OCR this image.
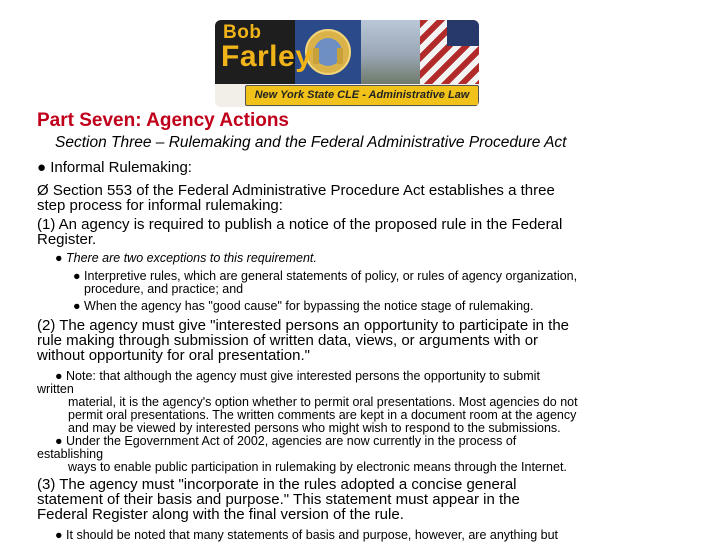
Bob
Farley
New York State CLE - Administrative Law
Part Seven: Agency Actions
Section Three – Rulemaking and the Federal Administrative Procedure Act
● Informal Rulemaking:
Ø Section 553 of the Federal Administrative Procedure Act establishes a three
step process for informal rulemaking:
(1) An agency is required to publish a notice of the proposed rule in the Federal
Register.
● There are two exceptions to this requirement.
● Interpretive rules, which are general statements of policy, or rules of agency organization,
procedure, and practice; and
● When the agency has "good cause" for bypassing the notice stage of rulemaking.
(2) The agency must give "interested persons an opportunity to participate in the
rule making through submission of written data, views, or arguments with or
without opportunity for oral presentation."
● Note: that although the agency must give interested persons the opportunity to submit
written
material, it is the agency's option whether to permit oral presentations. Most agencies do not
permit oral presentations. The written comments are kept in a document room at the agency
and may be viewed by interested persons who might wish to respond to the submissions.
● Under the Egovernment Act of 2002, agencies are now currently in the process of
establishing
ways to enable public participation in rulemaking by electronic means through the Internet.
(3) The agency must "incorporate in the rules adopted a concise general
statement of their basis and purpose." This statement must appear in the
Federal Register along with the final version of the rule.
● It should be noted that many statements of basis and purpose, however, are anything but
